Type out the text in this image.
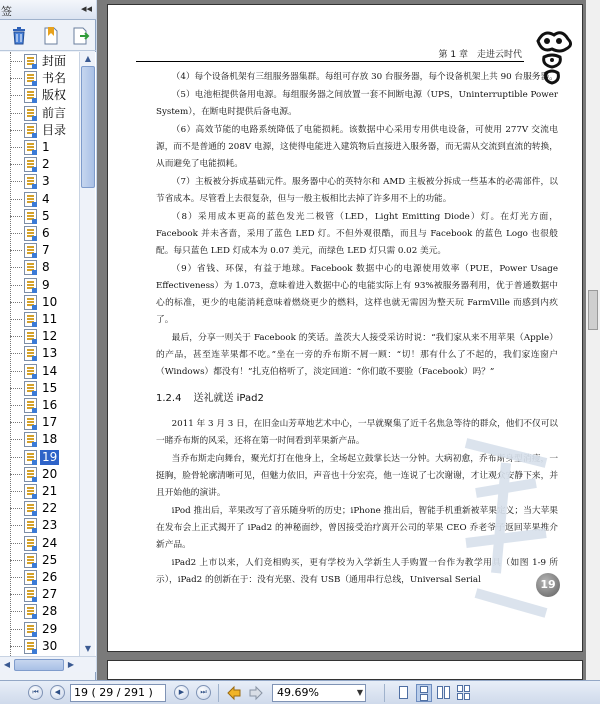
签	◂◂
封面
书名
版权
前言
目录
1
2
3
4
5
6
7
8
9
10
11
12
13
14
15
16
17
18
19
20
21
22
23
24
25
26
27
28
29
30
▲
▼
◀	▶
第 1 章　走进云时代

（4）每个设备机架有三组服务器集群。每组可存放 30 台服务器，每个设备机架上共 90 台服务器。

（5）电池柜提供备用电源。每组服务器之间放置一套不间断电源（UPS，Uninterruptible Power System），在断电时提供后备电源。

（6）高效节能的电路系统降低了电能损耗。该数据中心采用专用供电设备，可使用 277V 交流电源，而不是普通的 208V 电源，这使得电能进入建筑物后直接进入服务器，而无需从交流到直流的转换，从而避免了电能损耗。

（7）主板被分拆成基础元件。服务器中心的英特尔和 AMD 主板被分拆成一些基本的必需部件，以节省成本。尽管看上去很复杂，但与一般主板相比去掉了许多用不上的功能。

（8）采用成本更高的蓝色发光二极管（LED，Light Emitting Diode）灯。在灯光方面，Facebook 并未吝啬，采用了蓝色 LED 灯。不但外观很酷，而且与 Facebook 的蓝色 Logo 也很般配。每只蓝色 LED 灯成本为 0.07 美元，而绿色 LED 灯只需 0.02 美元。

（9）省钱、环保，有益于地球。Facebook 数据中心的电源使用效率（PUE，Power Usage Effectiveness）为 1.073，意味着进入数据中心的电能实际上有 93%被服务器利用，优于普通数据中心的标准，更少的电能消耗意味着燃烧更少的燃料，这样也就无需因为整天玩 FarmVille 而感到内疚了。

最后，分享一则关于 Facebook 的笑话。盖茨大人接受采访时说：“我们家从来不用苹果（Apple）的产品，甚至连苹果都不吃。”坐在一旁的乔布斯不屑一顾：“切！那有什么了不起的，我们家连窗户（Windows）都没有！”扎克伯格听了，淡定回道：“你们敢不要脸（Facebook）吗？”

1.2.4 送礼就送 iPad2

2011 年 3 月 3 日，在旧金山芳草地艺术中心，一早就聚集了近千名焦急等待的群众，他们不仅可以一睹乔布斯的风采，还将在第一时间看到苹果新产品。

当乔布斯走向舞台，聚光灯打在他身上，全场起立鼓掌长达一分钟。大病初愈，乔布斯身型消瘦，一挺胸，脸骨轮廓清晰可见，但魅力依旧，声音也十分宏亮，他一连说了七次谢谢，才让观众安静下来，并且开始他的演讲。

iPod 推出后，苹果改写了音乐随身听的历史；iPhone 推出后，智能手机重新被苹果定义；当大苹果在发布会上正式揭开了 iPad2 的神秘面纱，曾因接受治疗离开公司的苹果 CEO 乔老爷子返回苹果推介新产品。

iPad2 上市以来，人们竞相购买，更有学校为入学新生人手购置一台作为教学用具（如图 1-9 所示），iPad2 的创新在于：没有光驱、没有 USB（通用串行总线，Universal Serial	19
⏮	◀	19 ( 29 / 291 )	▶	⏭	49.69%	▼
